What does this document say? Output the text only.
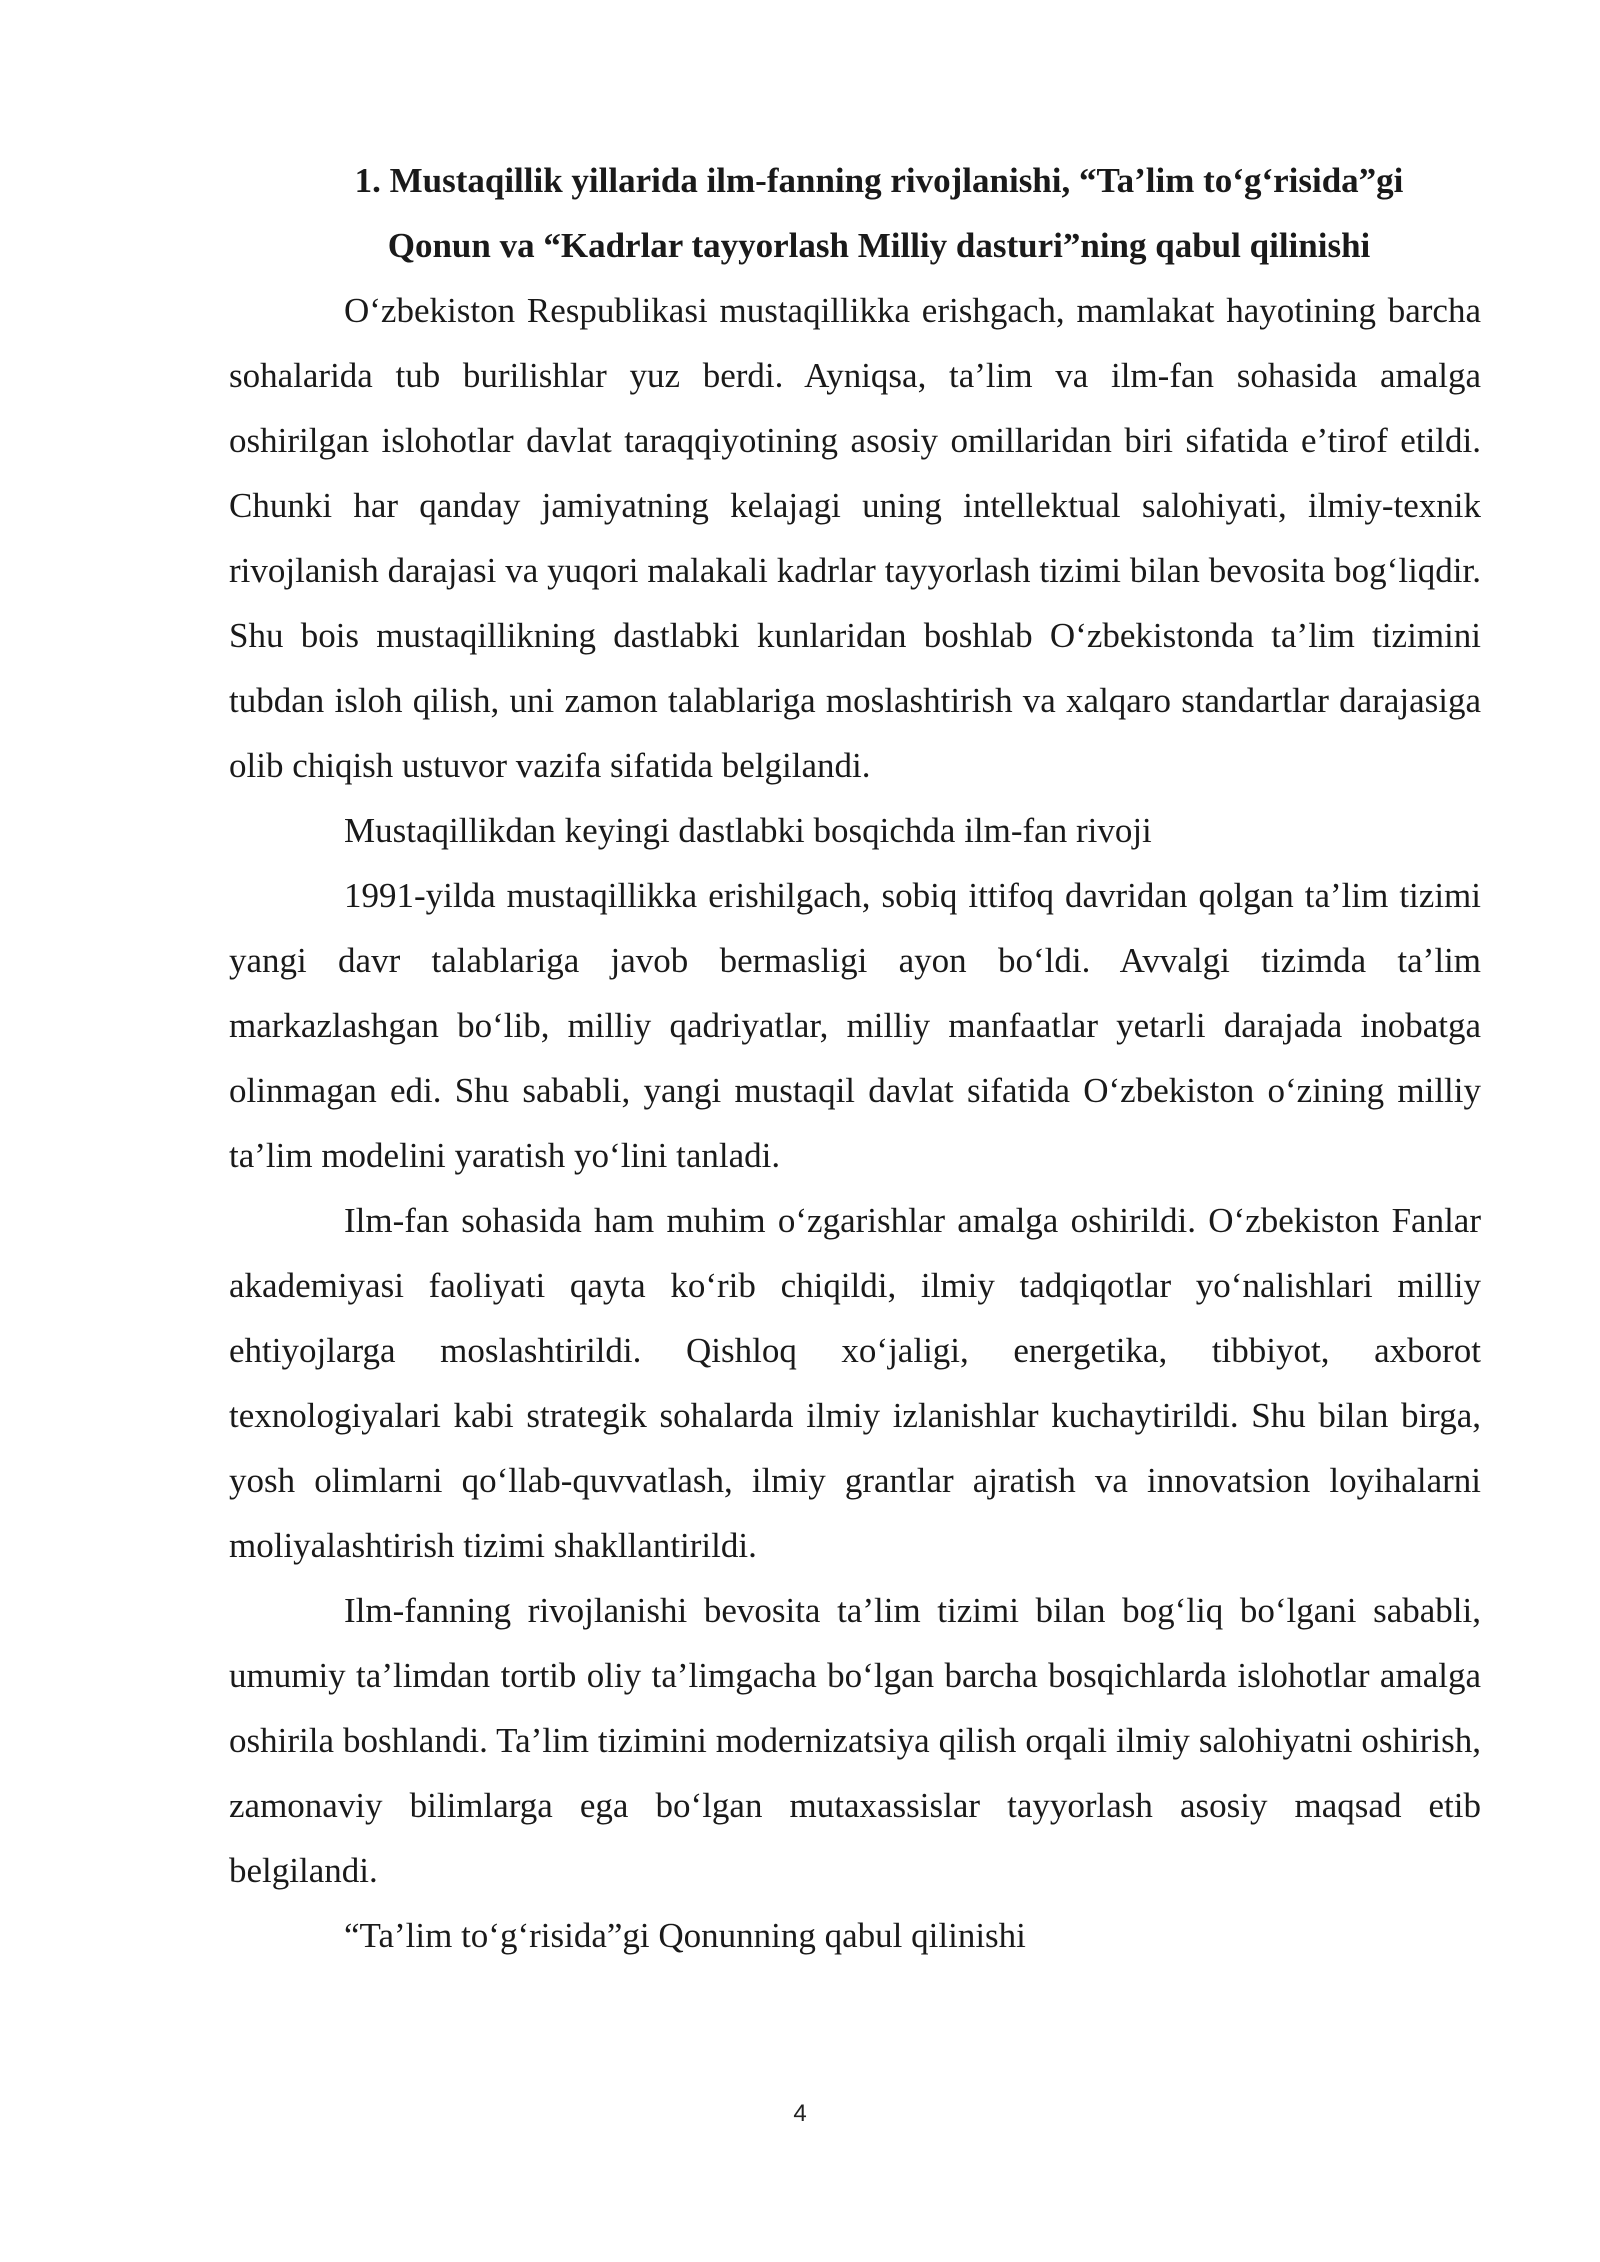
1. Mustaqillik yillarida ilm-fanning rivojlanishi, “Ta’lim to‘g‘risida”gi
Qonun va “Kadrlar tayyorlash Milliy dasturi”ning qabul qilinishi

O‘zbekiston Respublikasi mustaqillikka erishgach, mamlakat hayotining barcha sohalarida tub burilishlar yuz berdi. Ayniqsa, ta’lim va ilm-fan sohasida amalga oshirilgan islohotlar davlat taraqqiyotining asosiy omillaridan biri sifatida e’tirof etildi. Chunki har qanday jamiyatning kelajagi uning intellektual salohiyati, ilmiy-texnik rivojlanish darajasi va yuqori malakali kadrlar tayyorlash tizimi bilan bevosita bog‘liqdir. Shu bois mustaqillikning dastlabki kunlaridan boshlab O‘zbekistonda ta’lim tizimini tubdan isloh qilish, uni zamon talablariga moslashtirish va xalqaro standartlar darajasiga olib chiqish ustuvor vazifa sifatida belgilandi.

Mustaqillikdan keyingi dastlabki bosqichda ilm-fan rivoji

1991-yilda mustaqillikka erishilgach, sobiq ittifoq davridan qolgan ta’lim tizimi yangi davr talablariga javob bermasligi ayon bo‘ldi. Avvalgi tizimda ta’lim markazlashgan bo‘lib, milliy qadriyatlar, milliy manfaatlar yetarli darajada inobatga olinmagan edi. Shu sababli, yangi mustaqil davlat sifatida O‘zbekiston o‘zining milliy ta’lim modelini yaratish yo‘lini tanladi.

Ilm-fan sohasida ham muhim o‘zgarishlar amalga oshirildi. O‘zbekiston Fanlar akademiyasi faoliyati qayta ko‘rib chiqildi, ilmiy tadqiqotlar yo‘nalishlari milliy ehtiyojlarga moslashtirildi. Qishloq xo‘jaligi, energetika, tibbiyot, axborot texnologiyalari kabi strategik sohalarda ilmiy izlanishlar kuchaytirildi. Shu bilan birga, yosh olimlarni qo‘llab-quvvatlash, ilmiy grantlar ajratish va innovatsion loyihalarni moliyalashtirish tizimi shakllantirildi.

Ilm-fanning rivojlanishi bevosita ta’lim tizimi bilan bog‘liq bo‘lgani sababli, umumiy ta’limdan tortib oliy ta’limgacha bo‘lgan barcha bosqichlarda islohotlar amalga oshirila boshlandi. Ta’lim tizimini modernizatsiya qilish orqali ilmiy salohiyatni oshirish, zamonaviy bilimlarga ega bo‘lgan mutaxassislar tayyorlash asosiy maqsad etib belgilandi.

“Ta’lim to‘g‘risida”gi Qonunning qabul qilinishi

4
